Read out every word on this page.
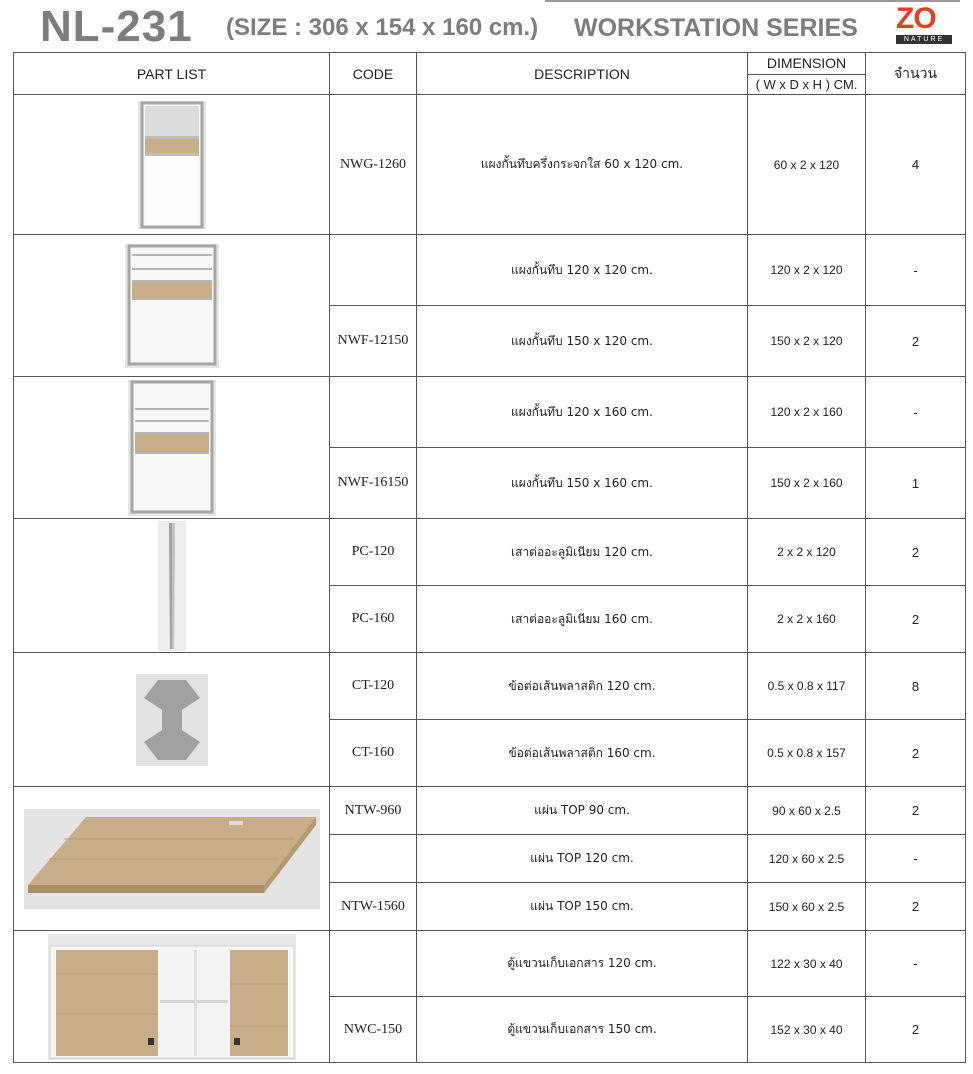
NL-231 (SIZE : 306 x 154 x 160 cm.) WORKSTATION SERIES ZO
NATURE
PART LIST	CODE	DESCRIPTION	DIMENSION
( W x D x H ) CM.	จำนวน

	NWG-1260	แผงกั้นทึบครึ่งกระจกใส 60 x 120 cm.	60 x 2 x 120	4

		แผงกั้นทึบ 120 x 120 cm.	120 x 2 x 120	-
	NWF-12150	แผงกั้นทึบ 150 x 120 cm.	150 x 2 x 120	2

		แผงกั้นทึบ 120 x 160 cm.	120 x 2 x 160	-
	NWF-16150	แผงกั้นทึบ 150 x 160 cm.	150 x 2 x 160	1

	PC-120	เสาต่ออะลูมิเนียม 120 cm.	2 x 2 x 120	2
	PC-160	เสาต่ออะลูมิเนียม 160 cm.	2 x 2 x 160	2

	CT-120	ข้อต่อเส้นพลาสติก 120 cm.	0.5 x 0.8 x 117	8
	CT-160	ข้อต่อเส้นพลาสติก 160 cm.	0.5 x 0.8 x 157	2

	NTW-960	แผ่น TOP 90 cm.	90 x 60 x 2.5	2
		แผ่น TOP 120 cm.	120 x 60 x 2.5	-
	NTW-1560	แผ่น TOP 150 cm.	150 x 60 x 2.5	2

		ตู้แขวนเก็บเอกสาร 120 cm.	122 x 30 x 40	-
	NWC-150	ตู้แขวนเก็บเอกสาร 150 cm.	152 x 30 x 40	2
